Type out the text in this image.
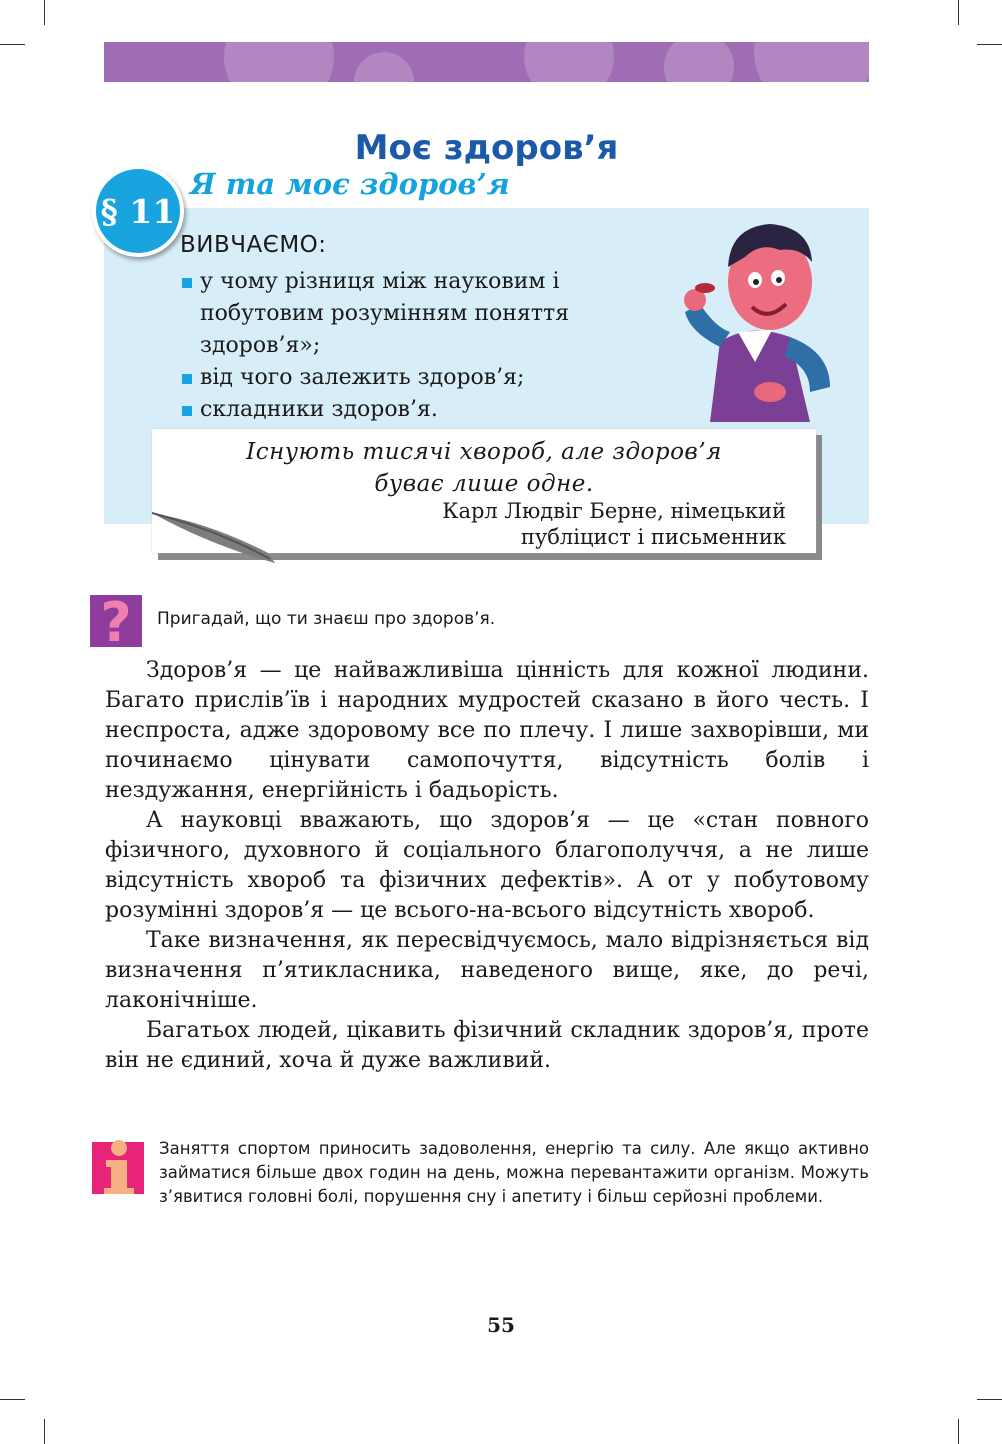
Моє здоров’я
§ 11
Я та моє здоров’я
ВИВЧАЄМО:
у чому різниця між науковим і побутовим розумінням поняття здоров’я»;
від чого залежить здоров’я;
складники здоров’я.
Існують тисячі хвороб, але здоров’я
буває лише одне.
Карл Людвіг Берне, німецький
публіцист і письменник
? Пригадай, що ти знаєш про здоров’я.

Здоров’я — це найважливіша цінність для кожної людини. Багато прислів’їв і народних мудростей сказано в його честь. І неспроста, адже здоровому все по плечу. І лише захворівши, ми починаємо цінувати самопочуття, відсутність болів і нездужання, енергійність і бадьорість.

А науковці вважають, що здоров’я — це «стан повного фізичного, духовного й соціального благополуччя, а не лише відсутність хвороб та фізичних дефектів». А от у побутовому розумінні здоров’я — це всього-на-всього відсутність хвороб.

Таке визначення, як пересвідчуємось, мало відрізняється від визначення п’ятикласника, наведеного вище, яке, до речі, лаконічніше.

Багатьох людей, цікавить фізичний складник здоров’я, проте він не єдиний, хоча й дуже важливий.

Заняття спортом приносить задоволення, енергію та силу. Але якщо активно займатися більше двох годин на день, можна перевантажити організм. Можуть з’явитися головні болі, порушення сну і апетиту і більш серйозні проблеми.

55
